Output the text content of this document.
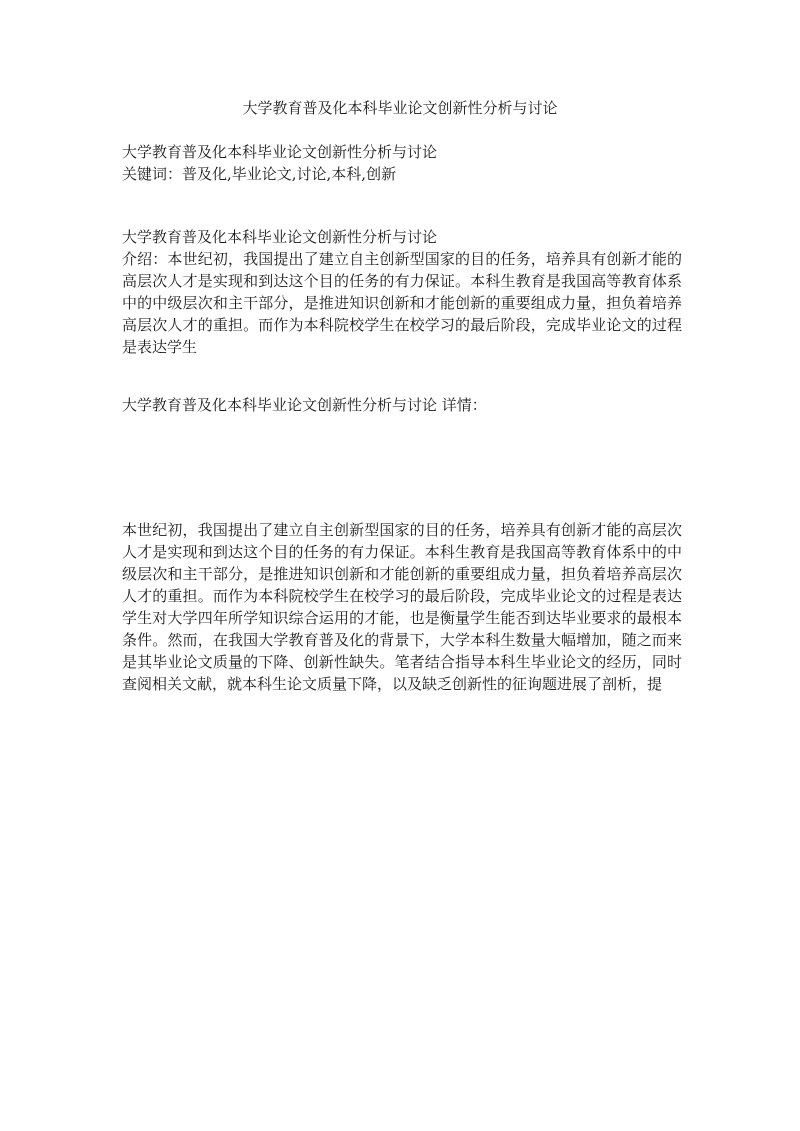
大学教育普及化本科毕业论文创新性分析与讨论
大学教育普及化本科毕业论文创新性分析与讨论
关键词：普及化,毕业论文,讨论,本科,创新
大学教育普及化本科毕业论文创新性分析与讨论
介绍：本世纪初，我国提出了建立自主创新型国家的目的任务，培养具有创新才能的高层次人才是实现和到达这个目的任务的有力保证。本科生教育是我国高等教育体系中的中级层次和主干部分，是推进知识创新和才能创新的重要组成力量，担负着培养高层次人才的重担。而作为本科院校学生在校学习的最后阶段，完成毕业论文的过程是表达学生
大学教育普及化本科毕业论文创新性分析与讨论 详情：
本世纪初，我国提出了建立自主创新型国家的目的任务，培养具有创新才能的高层次人才是实现和到达这个目的任务的有力保证。本科生教育是我国高等教育体系中的中级层次和主干部分，是推进知识创新和才能创新的重要组成力量，担负着培养高层次人才的重担。而作为本科院校学生在校学习的最后阶段，完成毕业论文的过程是表达学生对大学四年所学知识综合运用的才能，也是衡量学生能否到达毕业要求的最根本条件。然而，在我国大学教育普及化的背景下，大学本科生数量大幅增加，随之而来是其毕业论文质量的下降、创新性缺失。笔者结合指导本科生毕业论文的经历，同时查阅相关文献，就本科生论文质量下降，以及缺乏创新性的征询题进展了剖析，提
